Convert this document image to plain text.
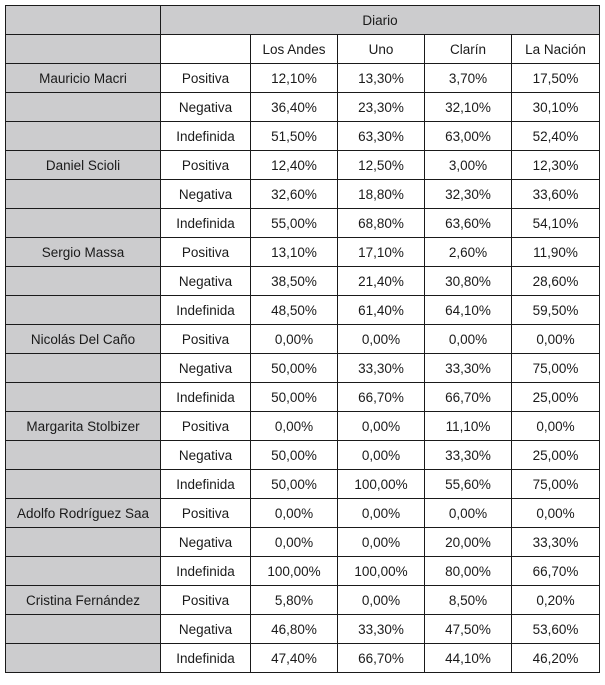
	Diario				
		Los Andes	Uno	Clarín	La Nación
Mauricio Macri	Positiva	12,10%	13,30%	3,70%	17,50%
	Negativa	36,40%	23,30%	32,10%	30,10%
	Indefinida	51,50%	63,30%	63,00%	52,40%
Daniel Scioli	Positiva	12,40%	12,50%	3,00%	12,30%
	Negativa	32,60%	18,80%	32,30%	33,60%
	Indefinida	55,00%	68,80%	63,60%	54,10%
Sergio Massa	Positiva	13,10%	17,10%	2,60%	11,90%
	Negativa	38,50%	21,40%	30,80%	28,60%
	Indefinida	48,50%	61,40%	64,10%	59,50%
Nicolás Del Caño	Positiva	0,00%	0,00%	0,00%	0,00%
	Negativa	50,00%	33,30%	33,30%	75,00%
	Indefinida	50,00%	66,70%	66,70%	25,00%
Margarita Stolbizer	Positiva	0,00%	0,00%	11,10%	0,00%
	Negativa	50,00%	0,00%	33,30%	25,00%
	Indefinida	50,00%	100,00%	55,60%	75,00%
Adolfo Rodríguez Saa	Positiva	0,00%	0,00%	0,00%	0,00%
	Negativa	0,00%	0,00%	20,00%	33,30%
	Indefinida	100,00%	100,00%	80,00%	66,70%
Cristina Fernández	Positiva	5,80%	0,00%	8,50%	0,20%
	Negativa	46,80%	33,30%	47,50%	53,60%
	Indefinida	47,40%	66,70%	44,10%	46,20%
